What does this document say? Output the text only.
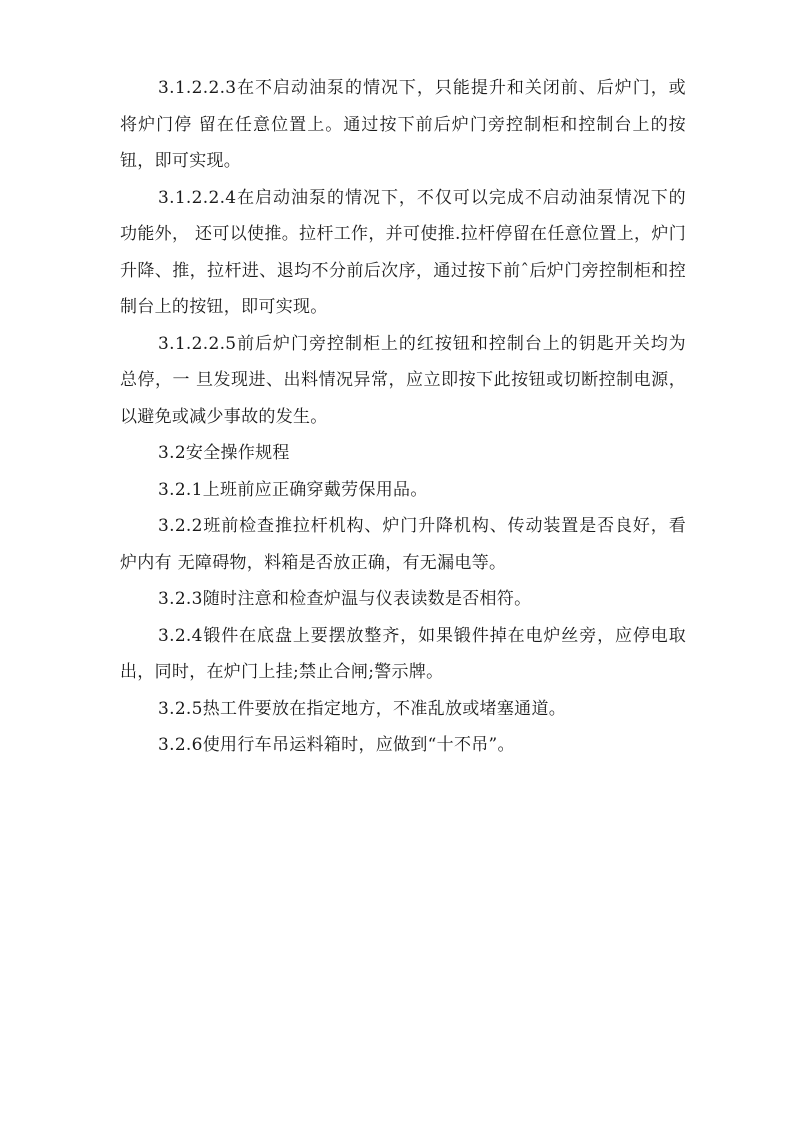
3.1.2.2.3在不启动油泵的情况下，只能提升和关闭前、后炉门，或将炉门停 留在任意位置上。通过按下前后炉门旁控制柜和控制台上的按钮，即可实现。

3.1.2.2.4在启动油泵的情况下，不仅可以完成不启动油泵情况下的功能外， 还可以使推。拉杆工作，并可使推.拉杆停留在任意位置上，炉门升降、推，拉杆进、退均不分前后次序，通过按下前ˆ后炉门旁控制柜和控制台上的按钮，即可实现。

3.1.2.2.5前后炉门旁控制柜上的红按钮和控制台上的钥匙开关均为总停，一 旦发现进、出料情况异常，应立即按下此按钮或切断控制电源，以避免或减少事故的发生。

3.2安全操作规程

3.2.1上班前应正确穿戴劳保用品。

3.2.2班前检查推拉杆机构、炉门升降机构、传动装置是否良好，看炉内有 无障碍物，料箱是否放正确，有无漏电等。

3.2.3随时注意和检查炉温与仪表读数是否相符。

3.2.4锻件在底盘上要摆放整齐，如果锻件掉在电炉丝旁，应停电取出，同时，在炉门上挂;禁止合闸;警示牌。

3.2.5热工件要放在指定地方，不准乱放或堵塞通道。

3.2.6使用行车吊运料箱时，应做到“十不吊”。
